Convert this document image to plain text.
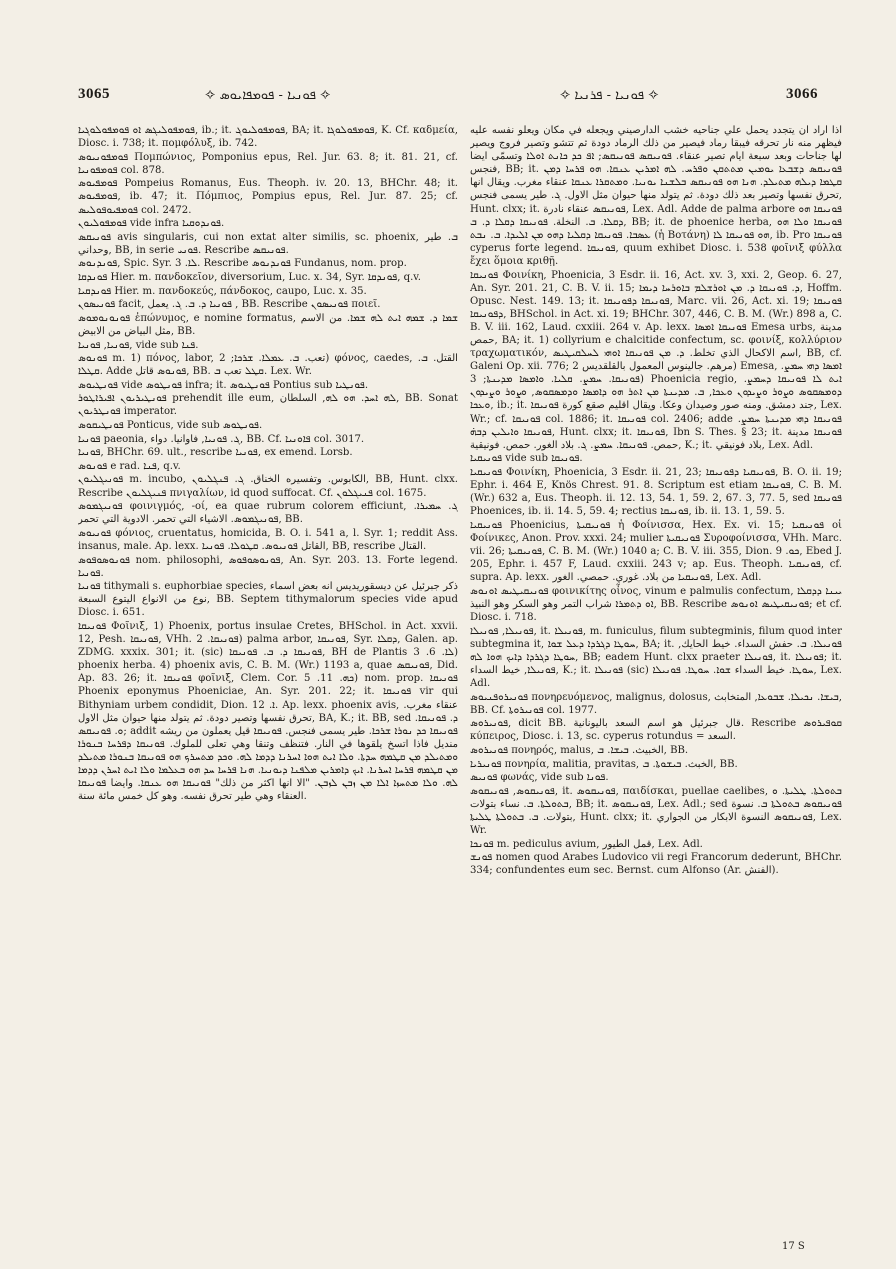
3065	✧ ܦܘܢܝܐ - ܦܘܡܦܐܝܘܣ ✧	✧ ܦܘܢܝܐ - ܦܪܢܝܐ ✧	3066

ܦܘܡܦܘܠܝܓܣ ܐܘ ܦܘܡܦܘܠܘܓܝܐ, ib.; it. ܦܘܡܦܘܠܝܘܓ, BA; it. ܦܘܡܦܘܠܘܓܐ, K. Cf. καδμεία, Diosc. i. 738; it. πομφόλυξ, ib. 742.

ܦܘܡܦܘܢܝܘܣ Πομπώνιος, Pomponius epus, Rel. Jur. 63. 8; it. 81. 21, cf. ܦܘܡܦܘܢܝܐ col. 878.

ܦܘܡܦܝܘܣ Pompeius Romanus, Eus. Theoph. iv. 20. 13, BHChr. 48; it. ܦܘܡܦܝܘܣ, ib. 47; it. Πόμπιος, Pompius epus, Rel. Jur. 87. 25; cf. ܦܘܡܦܝܘܦܘܠܝܣ col. 2472.

ܦܘܡܦܘܠܝܘܢ vide infra ܦܘܢܕܘܩܝܐ.

ܦܘܢܝܩܣ avis singularis, cui non extat alter similis, sc. phoenix, ܒ. طير وحداني, BB, in serie ܦܘܢܝ. Rescribe ܦܘܢܝܩܣ.

ܦܘܢܕܢܘܣ, Spic. Syr. ܠܐ. 3. Rescribe ܦܘܢܕܢܘܣ Fundanus, nom. prop.

ܦܘܢܕܩܐ Hier. m. πανδοκεῖον, diversorium, Luc. x. 34, Syr. ܦܘܢܕܩܐ, q.v.

ܦܘܢܕܩܝܐ Hier. m. πανδοκεύς, πάνδοκος, caupo, Luc. x. 35.

ܦܘܢܝܣܘܢ facit, ܦܘܢܝܐ ܕ. ܒ. ܓ. يعمل , BB. Rescribe ܦܘܢܝܣܘܢ ποιεῖ.

ܦܘܢܘܢܘܡܘܣ ἐπώνυμος, e nomine formatus, ܫܡܐ ܕ. ܫܡܗ ܐܝܬ ܠܗ ܫܡܐ. من الاسم مثل البياض من الابيض, BB.

ܦܘܢܝܐ, ܦܘܢܝܐ, vide sub ܦܢܐ.

ܦܘܢܘܣ m. 1) πόνος, labor, تعب. ܒ. ܥܡܠܐ. ܫܪܟܐ; 2) φόνος, caedes, القتل. ܒ. ܩܛܠܐ. Adde ܦܘܢܘܣ قاتل, BB. ܩܛܠ تعب ܒ. Lex. Wr.

ܦܘܢܛܝܘܣ vide ܦܘܢܛܘܣ infra; it. ܦܘܢܛܝܘܣ Pontius sub ܦܘܢܛܝܐ.

ܦܘܢܛܝܪܝܘܢ ܐܦܝܪܐܛܘܪ prehendit ille eum, ܠܗ ܐܚܕ. ܗܘ ܠܗ, السلطان, BB. Sonat ܦܘܢܛܪܝܘܢ imperator.

ܦܘܢܛܝܩܘܣ Ponticus, vide sub ܦܘܢܛܘܣ.

ܦܘܢܝܐ paeonia, ܓ. ܦܘܢܝܐ, فاوانيا. دواء, BB. Cf. ܦܐܘܢܝܐ col. 3017.

ܦܘܢܝܐ, BHChr. 69. ult., rescribe ܦܘܢܝܐ, ex emend. Lorsb.

ܦܘܢܘܣ e rad. ܦܢܐ, q.v.

ܦܘܢܝܓܠܝܘܢ m. incubo, الكابوس. وتفسيره الخناق. ܓ. ܦܢܓܠܝܘܢ, BB, Hunt. clxx. Rescribe ܦܢܝܓܠܝܘܢ πνιγαλίων, id quod suffocat. Cf. ܦܢܝܓܠܘܢ col. 1675.

ܦܘܢܝܓܡܘܣ φοινιγμός, -οί, ea quae rubrum colorem efficiunt, ܓ. ܚܡܝܪܐ. ܦܘܢܝܓܡܘܣ. الاشياء التي تحمر. الادوية التي تحمر, BB.

ܦܘܢܝܘܣ φόνιος, cruentatus, homicida, B. O. i. 541 a, l. Syr. 1; reddit Ass. insanus, male. Ap. lexx. القاتل ܦܘܢܝܘܣ. ܩܛܘܠܐ. ܦܘܢܝܐ, BB, rescribe القتال.

ܦܘܢܘܣܘܦܘܣ nom. philosophi, ܦܘܢܘܣܘܦܘܣ, An. Syr. 203. 13. Forte legend. ܦܘܢܝܐ.

ܦܘܢܝܐ tithymali s. euphorbiae species, ذكر جبرئيل عن ديسقوريديس انه بعض اسماء نوع من الانواع اليتوع السبعة, BB. Septem tithymalorum species vide apud Diosc. i. 651.

ܦܘܢܝܩܐ Φοῖνιξ, 1) Phoenix, portus insulae Cretes, BHSchol. in Act. xxvii. 12, Pesh. ܦܘܢܝܩܐ, VHh. ܦܘܢܝܩܐ. 2) palma arbor, ܦܘܢܝܩܐ, Syr. ܕܩܠܐ, Galen. ap. ZDMG. xxxix. 301; it. (sic) ܦܘܢܝܩܐ ܕ. ܒ. ܦܘܢܝܩܐ, BH de Plantis ܠܐ. 6. 3) phoenix herba. 4) phoenix avis, C. B. M. (Wr.) 1193 a, quae ܦܘܢܝܩܣ, Did. Ap. 83. 26; it. ܦܘܢܝܩܐ φοῖνιξ, Clem. Cor. ܟܗ. 11. 5) nom. prop. ܦܘܢܝܩܐ Phoenix eponymus Phoeniciae, An. Syr. 201. 22; it. ܦܘܢܝܩܐ vir qui Bithyniam urbem condidit, Dion. ܐ. 12. Ap. lexx. phoenix avis, عنقاء مغرب. تحرق نفسها وتصير دودة. ثم يتولد منها حيوان مثل الاول, BA, K.; it. BB, sed ܕ. ܦܘܢܝܩܐ. ܘ. ܦܘܢܝܩܣ; addit ܦܘܢܝܩܐ ܟܕ ܢܘܪܐ ܫܪܟܐ. طير يسمى فنجس. ܦܘܢܝܩܐ قيل يعملون من ريشه منديل فاذا اتسخ يلقوها في النار. فتنظف وتنقا وهي تعلى للملوك. ܦܘܢܝܩܐ ܕܦܪܚܐ ܒܢܘܪܐ ܘܡܬܝܠܕ ܡܢ ܩܛܡܗ ܚܕܬܐ. ܘܠܐ ܐܝܬ ܗܘܐ ܐܚܪܢܐ ܕܕܡܐ ܠܗ. ܘܟܕ ܡܬܚܪܟ ܗܘ ܦܘܢܝܩܐ ܒܢܘܪܐ ܡܬܝܠܕ ܡܢ ܩܛܡܗ ܦܪܚܐ ܐܚܪܢܐ. ܐܝܟ ܕܐܡܪܝܢ ܡܠܦܢܐ ܕܝܘܢܝܐ. ܗܢܐ ܦܪܚܐ ܚܕ ܗܘ ܒܥܠܡܐ ܘܠܐ ܐܝܬ ܐܚܪܢ ܕܕܡܐ ܠܗ. ܘܠܐ ܡܬܚܙܐ ܐܠܐ ܡܢ ܙܒܢ ܠܙܒܢ. "الا انها اكثر من ذلك" ܦܘܢܝܩܐ ܗܘ ܥܢܩܐ. وايضا ܦܘܢܝܩܐ العنقاء وهي طير تحرق نفسه. وهو كل خمس مائة سنة.

اذا اراد ان يتجدد يحمل علي جناحيه خشب الدارصيني ويجعله في مكان ويعلو نفسه عليه فيظهر منه نار تحرقه فيبقا رماد فيصير من ذلك الرماد دودة ثم تتشو وتصير فروج ويصير لها جناحات وبعد سبعة ايام تصير عنقاء. ܦܘܢܝܩܣ ܦܘܢܝܩܣ; ܐܦ ܟܕ ܟܐܢܬ ܐܘܠܐ وتسمّى ايضا فنجس, BB; it. ܦܘܢܝܩܣ ܕܫܒܥܐ ܝܘܡܝܢ ܡܬܬܩܢ ܘܦܪܚ. ܠܗ ܐܡܪܝܢ ܥܢܩܐ. ܗܘ ܦܪܚܐ ܕܡܢ ܩܛܡܐ ܕܝܠܗ ܡܬܝܠܕ. ܗܢܐ ܗܘ ܦܘܢܝܩܣ ܒܠܫܢܐ ܝܘܢܝܐ. ܘܡܬܩܪܐ ܥܢܩܐ عنقاء مغرب. ويقال انها تحرق نفسها وتصير بعد ذلك دودة. ثم يتولد منها حيوان مثل الاول. ܓ. طير يسمى فنجس, Hunt. clxx; it. ܦܘܢܝܩܣ عنقاء نادرة, Lex. Adl. Adde de palma arbore ܦܘܢܝܩܐ ܗܘ ܕܩܠܐ. ܒ. النخلة. ܦܘܢܝܩܐ ܕܩܠܐ ܕ. ܒ, BB; it. de phoenice herba, ܦܘܢܝܩܐ ܘܠܐ ܗܘ ܥܣܒܐ. ܦܘܢܝܩܐ ܕܩܠܝܐ ܕܗܘ ܡܢ ܐܠܝܕܐ. ܒ. ܢܒܬ (ἡ Βοτάνη) ܗܘ ܦܘܢܝܩܐ ܠܐ, ib. Pro ܦܘܢܝܩܐ cyperus forte legend. ܦܘܢܝܩܐ, quum exhibet Diosc. i. 538 φοῖνιξ φύλλα ἔχει ὅμοια κριθῇ.

ܦܘܢܝܩܐ Φοινίκη, Phoenicia, 3 Esdr. ii. 16, Act. xv. 3, xxi. 2, Geop. 6. 27, An. Syr. 201. 21, C. B. V. ii. 15; ܕ. ܦܘܢܝܩܐ ܕ. ܡܢ ܐܘܪܫܠܡ ܒܐܘܪܚܐ ܕܝܡܐ, Hoffm. Opusc. Nest. 149. 13; it. ܦܘܢܝܩܐ ܕܦܘܢܝܩܐ, Marc. vii. 26, Act. xi. 19; ܦܘܢܝܩܐ ܕܦܘܢܝܩܐ, BHSchol. in Act. xi. 19; BHChr. 307, 446, C. B. M. (Wr.) 898 a, C. B. V. iii. 162, Laud. cxxiii. 264 v. Ap. lexx. ܦܘܢܝܩܐ ܐܡܣܐ Emesa urbs, مدينة حمص, BA; it. 1) collyrium e chalcitide confectum, sc. φοινίξ, κολλύριον τραχωματικόν, اسم الاكحال الذي تخلط. ܕ. ܡܢ ܦܘܢܝܩܐ ܐܘܗܝ ܠܚܠܩܝܛܝܣ, BB, cf. Galeni Op. xii. 776; مرهم. جالينوس المعمول بالقلقديس 2) Emesa, ܐܡܣܐ ܕܗܝ ܚܡܨ. ܦܘܢܝܩܐ. ܚܡܨ. ܩܠܝܐ. ܘܐܡܣܐ ܡܕܝܢܬܐ; 3) Phoenicia regio, ܐܝܬ ܠܐ ܦܘܢܝܩܐ ܕܚܡܨ. ܕܘܡܣܩܘܣ ܘܨܘܪ ܘܨܝܕܘܢ ܘܥܟܐ, ܒ. ܡܕܝܢܬܐ ܡܢ ܐܬܪ ܗܘ ܕܐܡܣܐ ܘܕܡܣܩܘܣ, ܘܨܘܪ ܘܨܝܕܘܢ ܘܥܟܐ, ib.; it. جند دمشق. ومنه صور وصيدان وعكا. ويقال اقليم صقع كورة ܦܘܢܝܩܐ, Lex. Wr.; cf. ܦܘܢܝܩܐ col. 1886; it. ܦܘܢܝܩܐ col. 2406; adde ܦܘܢܝܩܐ ܕܗܝ ܡܕܝܢܬܐ ܚܡܨ. ܦܘܢܝܩܐ ܘܐܝܠܝܢ ܕܒܗ̇, Hunt. clxx; it. ܦܘܢܝܩܐ, Ibn S. Thes. § 23; it. ܦܘܢܝܩܐ مدينة حمص. ܦܘܢܝܩܐ. ܚܡܨ. ܓ. بلاد الغور. حمص. فونيقية, K.; it. بلاد فونيقي, Lex. Adl.

ܦܘܢܝܩܝܐ vide sub ܦܘܢܝܩܐ.

ܦܘܢܝܩܝܐ Φοινίκη, Phoenicia, 3 Esdr. ii. 21, 23; ܦܘܢܝܩܝܐ ܕܦܘܢܝܩܐ, B. O. ii. 19; Ephr. i. 464 E, Knös Chrest. 91. 8. Scriptum est etiam ܦܘܢܝܩܐ, C. B. M. (Wr.) 632 a, Eus. Theoph. ii. 12. 13, 54. 1, 59. 2, 67. 3, 77. 5, sed ܦܘܢܝܩܐ Phoenices, ib. ii. 14. 5, 59. 4; rectius ܦܘܢܝܩܐ, ib. ii. 13. 1, 59. 5.

ܦܘܢܝܩܝܐ Phoenicius, ܦܘܢܝܩܝܬܐ ἡ Φοίνισσα, Hex. Ex. vi. 15; ܦܘܢܝܩܝܐ οἱ Φοίνικες, Anon. Prov. xxxi. 24; mulier ܦܘܢܝܩܝܬܐ Συροφοίνισσα, VHh. Marc. vii. 26; ܦܘܢܝܩܝܬܐ, C. B. M. (Wr.) 1040 a; C. B. V. iii. 355, Dion. ܟܘ. 9, Ebed J. 205, Ephr. i. 457 F, Laud. cxxiii. 243 v; ap. Eus. Theoph. ܦܘܢܝܩܝܐ, cf. supra. Ap. lexx. ܦܘܢܝܩܝܐ من بلاد. غوري. حمصي. الغور, Lex. Adl.

ܦܘܢܝܩܝܛܝܣ ܐܘܢܘܣ φοινικίτης οἶνος, vinum e palmulis confectum, ܝܝܢܐ ܕܕܩܠܐ ܐܘ ܕܬܡܪܐ شراب التمر وهو السكر وهو النبيذ, BB. Rescribe ܦܘܢܝܩܝܛܝܣ ܐܘܢܘܣ; et cf. Diosc. i. 718.

ܦܘܢܝܠܐ, ܦܘܢܝܠܐ, it. ܦܘܢܝܠܐ, m. funiculus, filum subtegminis, filum quod inter subtegmina it, ܚܘܛܐ ܕܓܪܕܐ ܕܥܠ ܫܘܐ, BA; it. ܦܘܢܝܠܐ. ܒ. حفش السداء. خيط الحايك, ܚܘܛܐ ܕܓܪܕܐ ܕܐܝܟ ܗܘܐ ܠܗ, BB; eadem Hunt. clxx praeter ܦܘܢܝܠܐ, it. ܦܘܢܝܠܐ; it. ܦܘܢܝܠܐ, خيط السداء, K.; it. ܦܘܢܝܠܐ (sic) ܚܘܛܐ. خيط السداء ܫܘܐ. ܚܘܛܐ. ܦܘܢܝܠܐ, Lex. Adl.

ܦܘܢܝܪܘܦܢܝܘܣ πονηρευόμενος, malignus, dolosus, ܒܝܫܐ. ܢܟܝܠܐ. ܫܒܘܥܐ, المتخابث, BB. Cf. ܦܘܢܝܪܘܬܐ col. 1977.

ܦܘܢܝܪܘܣ, dicit BB. قال جبرئيل هو اسم السعد باليونانية. Rescribe ܩܘܦܝܪܘܣ κύπειρος, Diosc. i. 13, sc. cyperus rotundus = السعد.

ܦܘܢܝܪܘܣ πονηρός, malus, الخبيث. ܒܝܫܐ. ܒ, BB.

ܦܘܢܝܪܝܐ πονηρία, malitia, pravitas, الخبث. ܒܝܫܘܬܐ. ܒ, BB.

ܦܘܢܝܣ φωνάς, vide sub ܦܘܢܐ.

ܦܘܢܝܩܘܣ, ܦܘܢܝܩܘܣ, it. ܦܘܢܝܩܘܣ, παιδίσκαι, puellae caelibes, ܒܬܘܠܬܐ. ܛܠܝܬܐ. ܘ ܒܬܘܠܬܐ. ܒ. نساء بتولات, BB; it. ܦܘܢܝܩܘܣ, Lex. Adl.; sed ܦܘܢܝܩܘܣ ܒܬܘܠܬܐ ܒ. نسوة بتولات. ܒ. ܒܬܘܠܬܐ ܛܠܝܬܐ, Hunt. clxx; it. ܦܘܢܝܩܘܣ النسوة الابكار من الجواري, Lex. Wr.

ܦܘܢܟܐ m. pediculus avium, قمل الطيور, Lex. Adl.

ܦܘܢܫ nomen quod Arabes Ludovico vii regi Francorum dederunt, BHChr. 334; confundentes eum sec. Bernst. cum Alfonso (Ar. الفنش).

17 S
